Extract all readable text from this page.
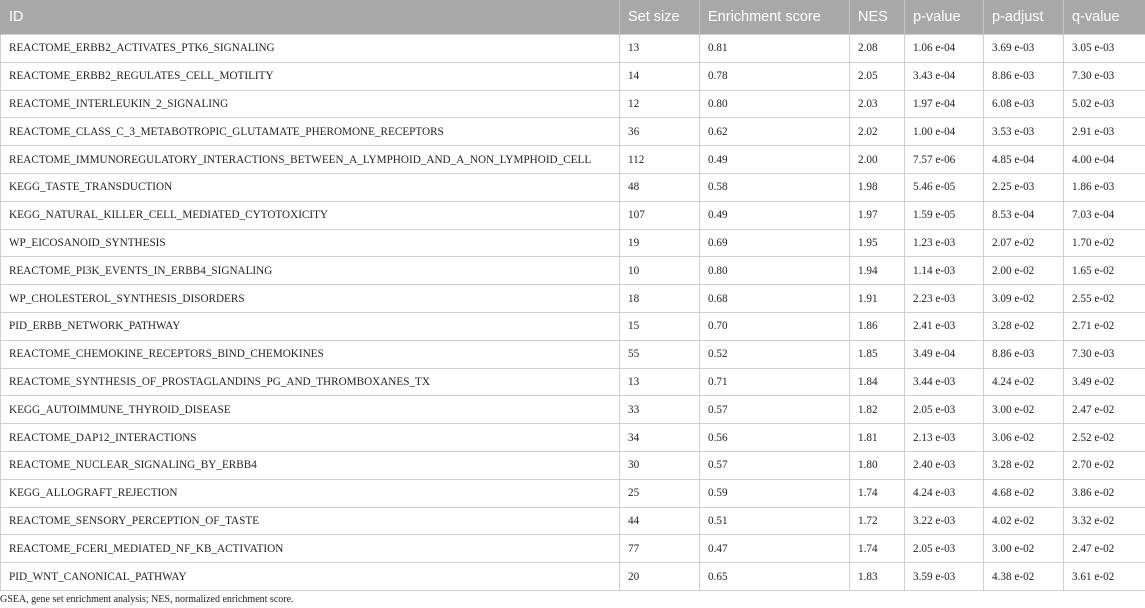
ID	Set size	Enrichment score	NES	p-value	p-adjust	q-value
REACTOME_ERBB2_ACTIVATES_PTK6_SIGNALING	13	0.81	2.08	1.06 e-04	3.69 e-03	3.05 e-03
REACTOME_ERBB2_REGULATES_CELL_MOTILITY	14	0.78	2.05	3.43 e-04	8.86 e-03	7.30 e-03
REACTOME_INTERLEUKIN_2_SIGNALING	12	0.80	2.03	1.97 e-04	6.08 e-03	5.02 e-03
REACTOME_CLASS_C_3_METABOTROPIC_GLUTAMATE_PHEROMONE_RECEPTORS	36	0.62	2.02	1.00 e-04	3.53 e-03	2.91 e-03
REACTOME_IMMUNOREGULATORY_INTERACTIONS_BETWEEN_A_LYMPHOID_AND_A_NON_LYMPHOID_CELL	112	0.49	2.00	7.57 e-06	4.85 e-04	4.00 e-04
KEGG_TASTE_TRANSDUCTION	48	0.58	1.98	5.46 e-05	2.25 e-03	1.86 e-03
KEGG_NATURAL_KILLER_CELL_MEDIATED_CYTOTOXICITY	107	0.49	1.97	1.59 e-05	8.53 e-04	7.03 e-04
WP_EICOSANOID_SYNTHESIS	19	0.69	1.95	1.23 e-03	2.07 e-02	1.70 e-02
REACTOME_PI3K_EVENTS_IN_ERBB4_SIGNALING	10	0.80	1.94	1.14 e-03	2.00 e-02	1.65 e-02
WP_CHOLESTEROL_SYNTHESIS_DISORDERS	18	0.68	1.91	2.23 e-03	3.09 e-02	2.55 e-02
PID_ERBB_NETWORK_PATHWAY	15	0.70	1.86	2.41 e-03	3.28 e-02	2.71 e-02
REACTOME_CHEMOKINE_RECEPTORS_BIND_CHEMOKINES	55	0.52	1.85	3.49 e-04	8.86 e-03	7.30 e-03
REACTOME_SYNTHESIS_OF_PROSTAGLANDINS_PG_AND_THROMBOXANES_TX	13	0.71	1.84	3.44 e-03	4.24 e-02	3.49 e-02
KEGG_AUTOIMMUNE_THYROID_DISEASE	33	0.57	1.82	2.05 e-03	3.00 e-02	2.47 e-02
REACTOME_DAP12_INTERACTIONS	34	0.56	1.81	2.13 e-03	3.06 e-02	2.52 e-02
REACTOME_NUCLEAR_SIGNALING_BY_ERBB4	30	0.57	1.80	2.40 e-03	3.28 e-02	2.70 e-02
KEGG_ALLOGRAFT_REJECTION	25	0.59	1.74	4.24 e-03	4.68 e-02	3.86 e-02
REACTOME_SENSORY_PERCEPTION_OF_TASTE	44	0.51	1.72	3.22 e-03	4.02 e-02	3.32 e-02
REACTOME_FCERI_MEDIATED_NF_KB_ACTIVATION	77	0.47	1.74	2.05 e-03	3.00 e-02	2.47 e-02
PID_WNT_CANONICAL_PATHWAY	20	0.65	1.83	3.59 e-03	4.38 e-02	3.61 e-02
GSEA, gene set enrichment analysis; NES, normalized enrichment score.
